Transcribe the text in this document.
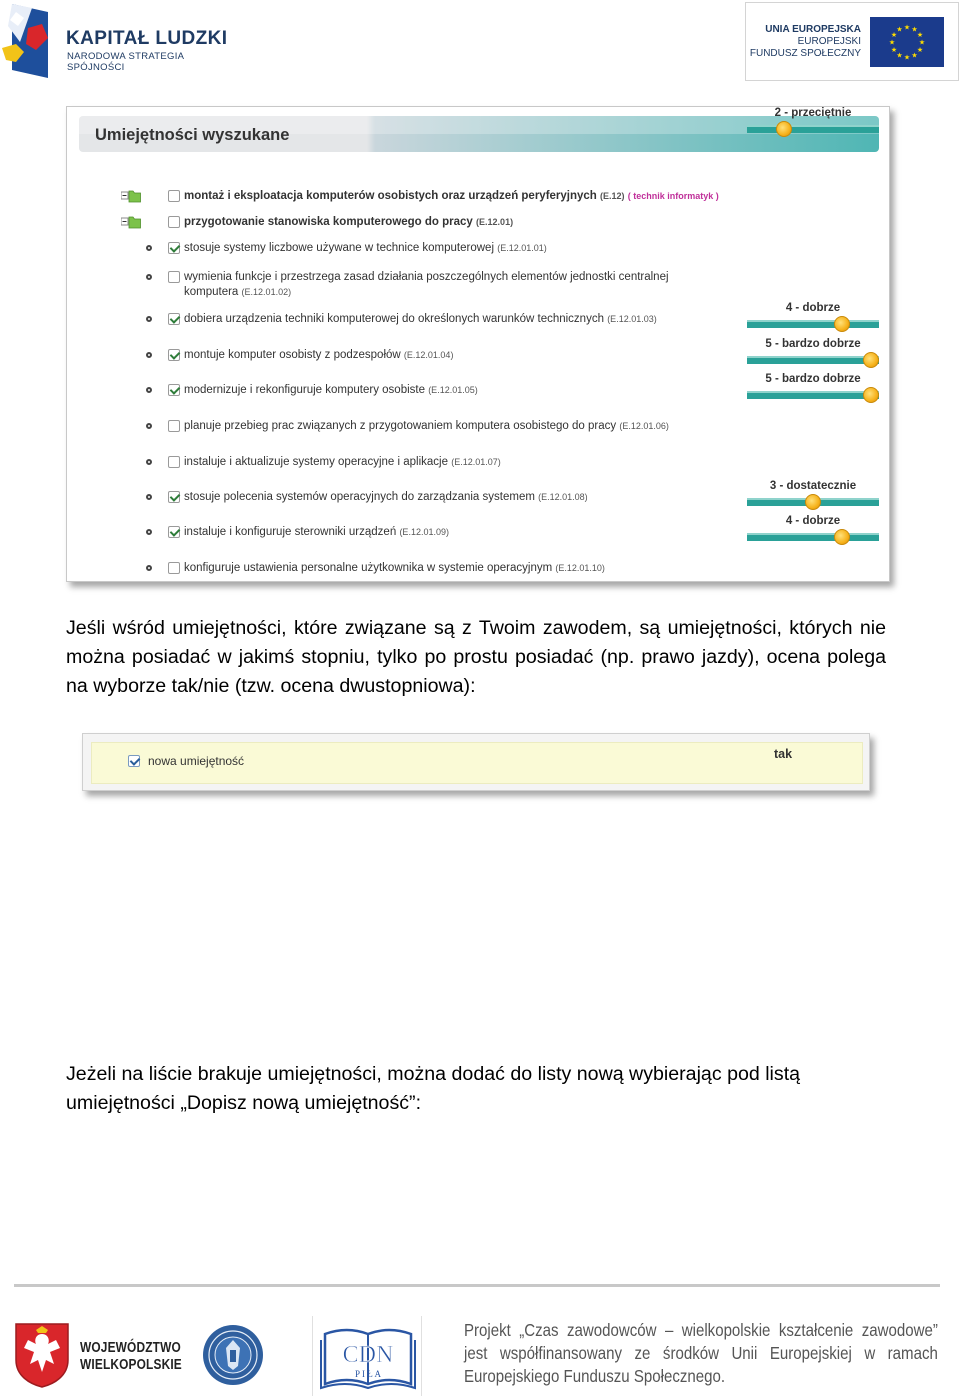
KAPITAŁ LUDZKI
NARODOWA STRATEGIA SPÓJNOŚCI
UNIA EUROPEJSKA
EUROPEJSKI
FUNDUSZ SPOŁECZNY
★ ★
★
★
★
★
★
★
★
★
★
★
Umiejętności wyszukane
montaż i eksploatacja komputerów osobistych oraz urządzeń peryferyjnych (E.12) ( technik informatyk )
przygotowanie stanowiska komputerowego do pracy (E.12.01)
stosuje systemy liczbowe używane w technice komputerowej (E.12.01.01)
wymienia funkcje i przestrzega zasad działania poszczególnych elementów jednostki centralnej komputera (E.12.01.02)
dobiera urządzenia techniki komputerowej do określonych warunków technicznych (E.12.01.03)
montuje komputer osobisty z podzespołów (E.12.01.04)
modernizuje i rekonfiguruje komputery osobiste (E.12.01.05)
planuje przebieg prac związanych z przygotowaniem komputera osobistego do pracy (E.12.01.06)
instaluje i aktualizuje systemy operacyjne i aplikacje (E.12.01.07)
stosuje polecenia systemów operacyjnych do zarządzania systemem (E.12.01.08)
instaluje i konfiguruje sterowniki urządzeń (E.12.01.09)
konfiguruje ustawienia personalne użytkownika w systemie operacyjnym (E.12.01.10)
2 - przeciętnie
4 - dobrze
5 - bardzo dobrze
5 - bardzo dobrze
3 - dostatecznie
4 - dobrze

Jeśli wśród umiejętności, które związane są z Twoim zawodem, są umiejętności, których nie można posiadać w jakimś stopniu, tylko po prostu posiadać (np. prawo jazdy), ocena polega na wyborze tak/nie (tzw. ocena dwustopniowa):

nowa umiejętność	tak

Jeżeli na liście brakuje umiejętności, można dodać do listy nową wybierając pod listą umiejętności „Dopisz nową umiejętność”:

WOJEWÓDZTWO
WIELKOPOLSKIE	CDN
P I Ł A
Projekt „Czas zawodowców – wielkopolskie kształcenie zawodowe” jest współfinansowany ze środków Unii Europejskiej w ramach Europejskiego Funduszu Społecznego.
